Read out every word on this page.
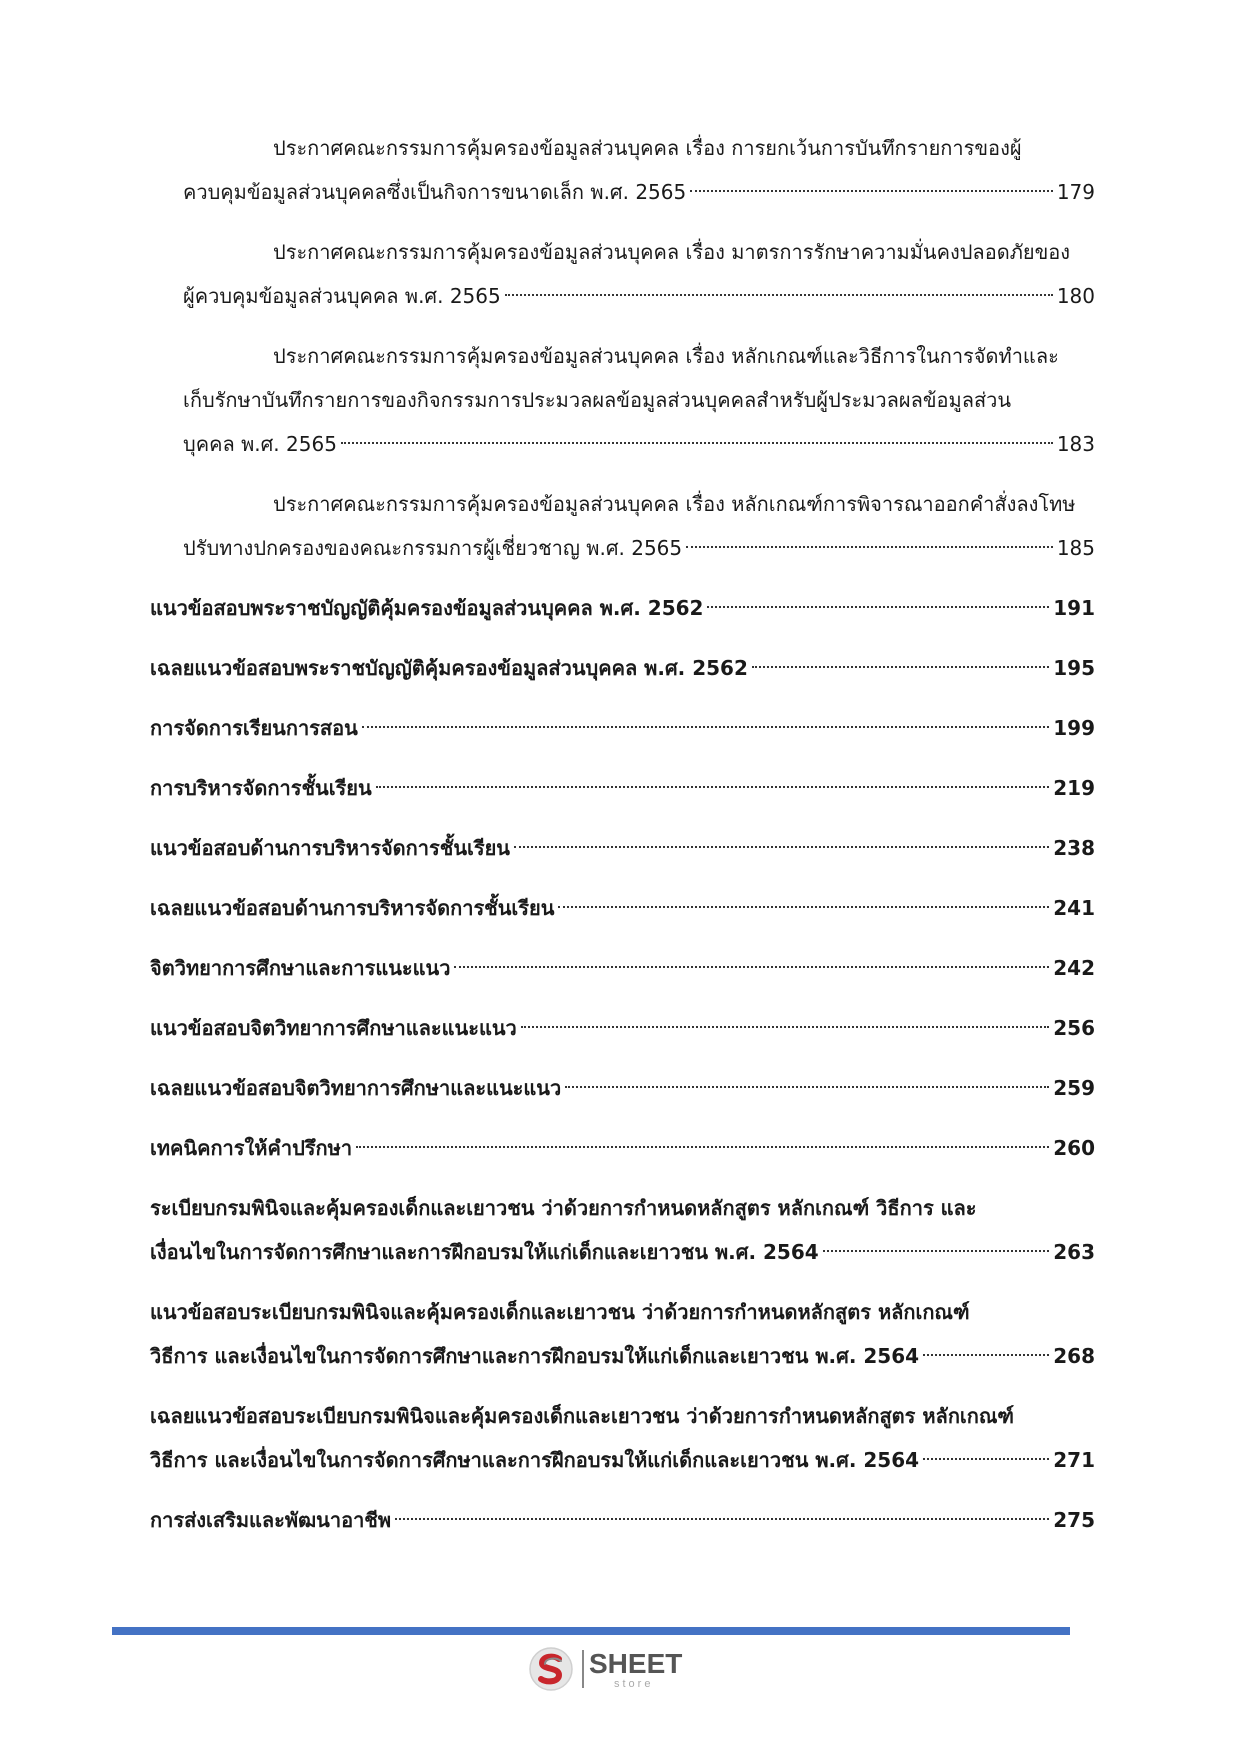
ประกาศคณะกรรมการคุ้มครองข้อมูลส่วนบุคคล เรื่อง การยกเว้นการบันทึกรายการของผู้
ควบคุมข้อมูลส่วนบุคคลซึ่งเป็นกิจการขนาดเล็ก พ.ศ. 2565	179
ประกาศคณะกรรมการคุ้มครองข้อมูลส่วนบุคคล เรื่อง มาตรการรักษาความมั่นคงปลอดภัยของ
ผู้ควบคุมข้อมูลส่วนบุคคล พ.ศ. 2565	180
ประกาศคณะกรรมการคุ้มครองข้อมูลส่วนบุคคล เรื่อง หลักเกณฑ์และวิธีการในการจัดทำและ
เก็บรักษาบันทึกรายการของกิจกรรมการประมวลผลข้อมูลส่วนบุคคลสำหรับผู้ประมวลผลข้อมูลส่วน
บุคคล พ.ศ. 2565	183
ประกาศคณะกรรมการคุ้มครองข้อมูลส่วนบุคคล เรื่อง หลักเกณฑ์การพิจารณาออกคำสั่งลงโทษ
ปรับทางปกครองของคณะกรรมการผู้เชี่ยวชาญ พ.ศ. 2565	185
แนวข้อสอบพระราชบัญญัติคุ้มครองข้อมูลส่วนบุคคล พ.ศ. 2562	191
เฉลยแนวข้อสอบพระราชบัญญัติคุ้มครองข้อมูลส่วนบุคคล พ.ศ. 2562	195
การจัดการเรียนการสอน	199
การบริหารจัดการชั้นเรียน	219
แนวข้อสอบด้านการบริหารจัดการชั้นเรียน	238
เฉลยแนวข้อสอบด้านการบริหารจัดการชั้นเรียน	241
จิตวิทยาการศึกษาและการแนะแนว	242
แนวข้อสอบจิตวิทยาการศึกษาและแนะแนว	256
เฉลยแนวข้อสอบจิตวิทยาการศึกษาและแนะแนว	259
เทคนิคการให้คำปรึกษา	260
ระเบียบกรมพินิจและคุ้มครองเด็กและเยาวชน ว่าด้วยการกำหนดหลักสูตร หลักเกณฑ์ วิธีการ และ
เงื่อนไขในการจัดการศึกษาและการฝึกอบรมให้แก่เด็กและเยาวชน พ.ศ. 2564	263
แนวข้อสอบระเบียบกรมพินิจและคุ้มครองเด็กและเยาวชน ว่าด้วยการกำหนดหลักสูตร หลักเกณฑ์
วิธีการ และเงื่อนไขในการจัดการศึกษาและการฝึกอบรมให้แก่เด็กและเยาวชน พ.ศ. 2564	268
เฉลยแนวข้อสอบระเบียบกรมพินิจและคุ้มครองเด็กและเยาวชน ว่าด้วยการกำหนดหลักสูตร หลักเกณฑ์
วิธีการ และเงื่อนไขในการจัดการศึกษาและการฝึกอบรมให้แก่เด็กและเยาวชน พ.ศ. 2564	271
การส่งเสริมและพัฒนาอาชีพ	275
SHEET
store
